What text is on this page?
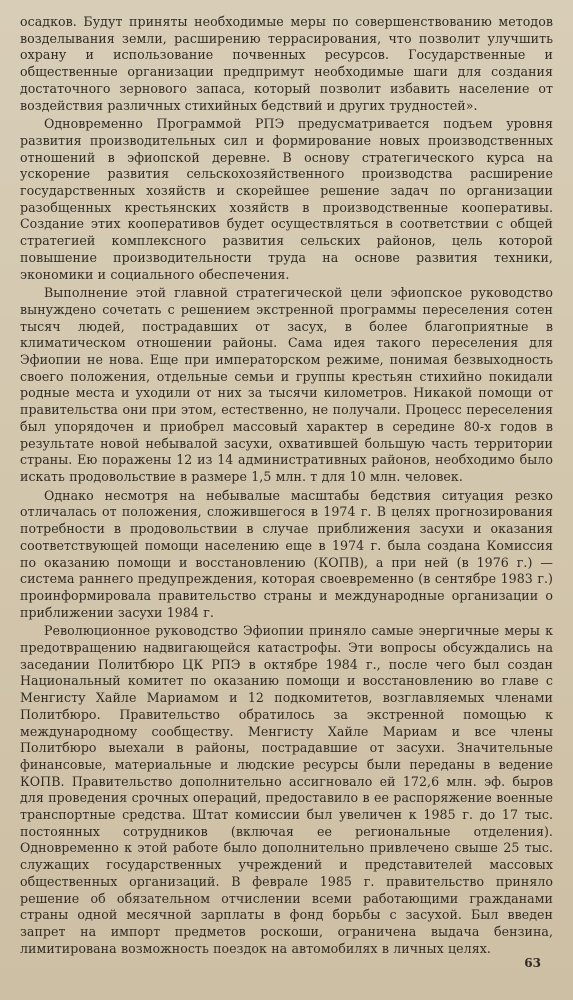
осадков. Будут приняты необходимые меры по совершенствованию методов возделывания земли, расширению террасирования, что позволит улучшить охрану и использование почвенных ресурсов. Государственные и общественные организации предпримут необходимые шаги для создания достаточного зернового запаса, который позволит избавить население от воздействия различных стихийных бедствий и других трудностей».

Одновременно Программой РПЭ предусматривается подъем уровня развития производительных сил и формирование новых производственных отношений в эфиопской деревне. В основу стратегического курса на ускорение развития сельскохозяйственного производства расширение государственных хозяйств и скорейшее решение задач по организации разобщенных крестьянских хозяйств в производственные кооперативы. Создание этих кооперативов будет осуществляться в соответствии с общей стратегией комплексного развития сельских районов, цель которой повышение производительности труда на основе развития техники, экономики и социального обеспечения.

Выполнение этой главной стратегической цели эфиопское руководство вынуждено сочетать с решением экстренной программы переселения сотен тысяч людей, пострадавших от засух, в более благоприятные в климатическом отношении районы. Сама идея такого переселения для Эфиопии не нова. Еще при императорском режиме, понимая безвыходность своего положения, отдельные семьи и группы крестьян стихийно покидали родные места и уходили от них за тысячи километров. Никакой помощи от правительства они при этом, естественно, не получали. Процесс переселения был упорядочен и приобрел массовый характер в середине 80-х годов в результате новой небывалой засухи, охватившей большую часть территории страны. Ею поражены 12 из 14 административных районов, необходимо было искать продовольствие в размере 1,5 млн. т для 10 млн. человек.

Однако несмотря на небывалые масштабы бедствия ситуация резко отличалась от положения, сложившегося в 1974 г. В целях прогнозирования потребности в продовольствии в случае приближения засухи и оказания соответствующей помощи населению еще в 1974 г. была создана Комиссия по оказанию помощи и восстановлению (КОПВ), а при ней (в 1976 г.) — система раннего предупреждения, которая своевременно (в сентябре 1983 г.) проинформировала правительство страны и международные организации о приближении засухи 1984 г.

Революционное руководство Эфиопии приняло самые энергичные меры к предотвращению надвигающейся катастрофы. Эти вопросы обсуждались на заседании Политбюро ЦК РПЭ в октябре 1984 г., после чего был создан Национальный комитет по оказанию помощи и восстановлению во главе с Менгисту Хайле Мариамом и 12 подкомитетов, возглавляемых членами Политбюро. Правительство обратилось за экстренной помощью к международному сообществу. Менгисту Хайле Мариам и все члены Политбюро выехали в районы, пострадавшие от засухи. Значительные финансовые, материальные и людские ресурсы были переданы в ведение КОПВ. Правительство дополнительно ассигновало ей 172,6 млн. эф. быров для проведения срочных операций, предоставило в ее распоряжение военные транспортные средства. Штат комиссии был увеличен к 1985 г. до 17 тыс. постоянных сотрудников (включая ее региональные отделения). Одновременно к этой работе было дополнительно привлечено свыше 25 тыс. служащих государственных учреждений и представителей массовых общественных организаций. В феврале 1985 г. правительство приняло решение об обязательном отчислении всеми работающими гражданами страны одной месячной зарплаты в фонд борьбы с засухой. Был введен запрет на импорт предметов роскоши, ограничена выдача бензина, лимитирована возможность поездок на автомобилях в личных целях.

63
